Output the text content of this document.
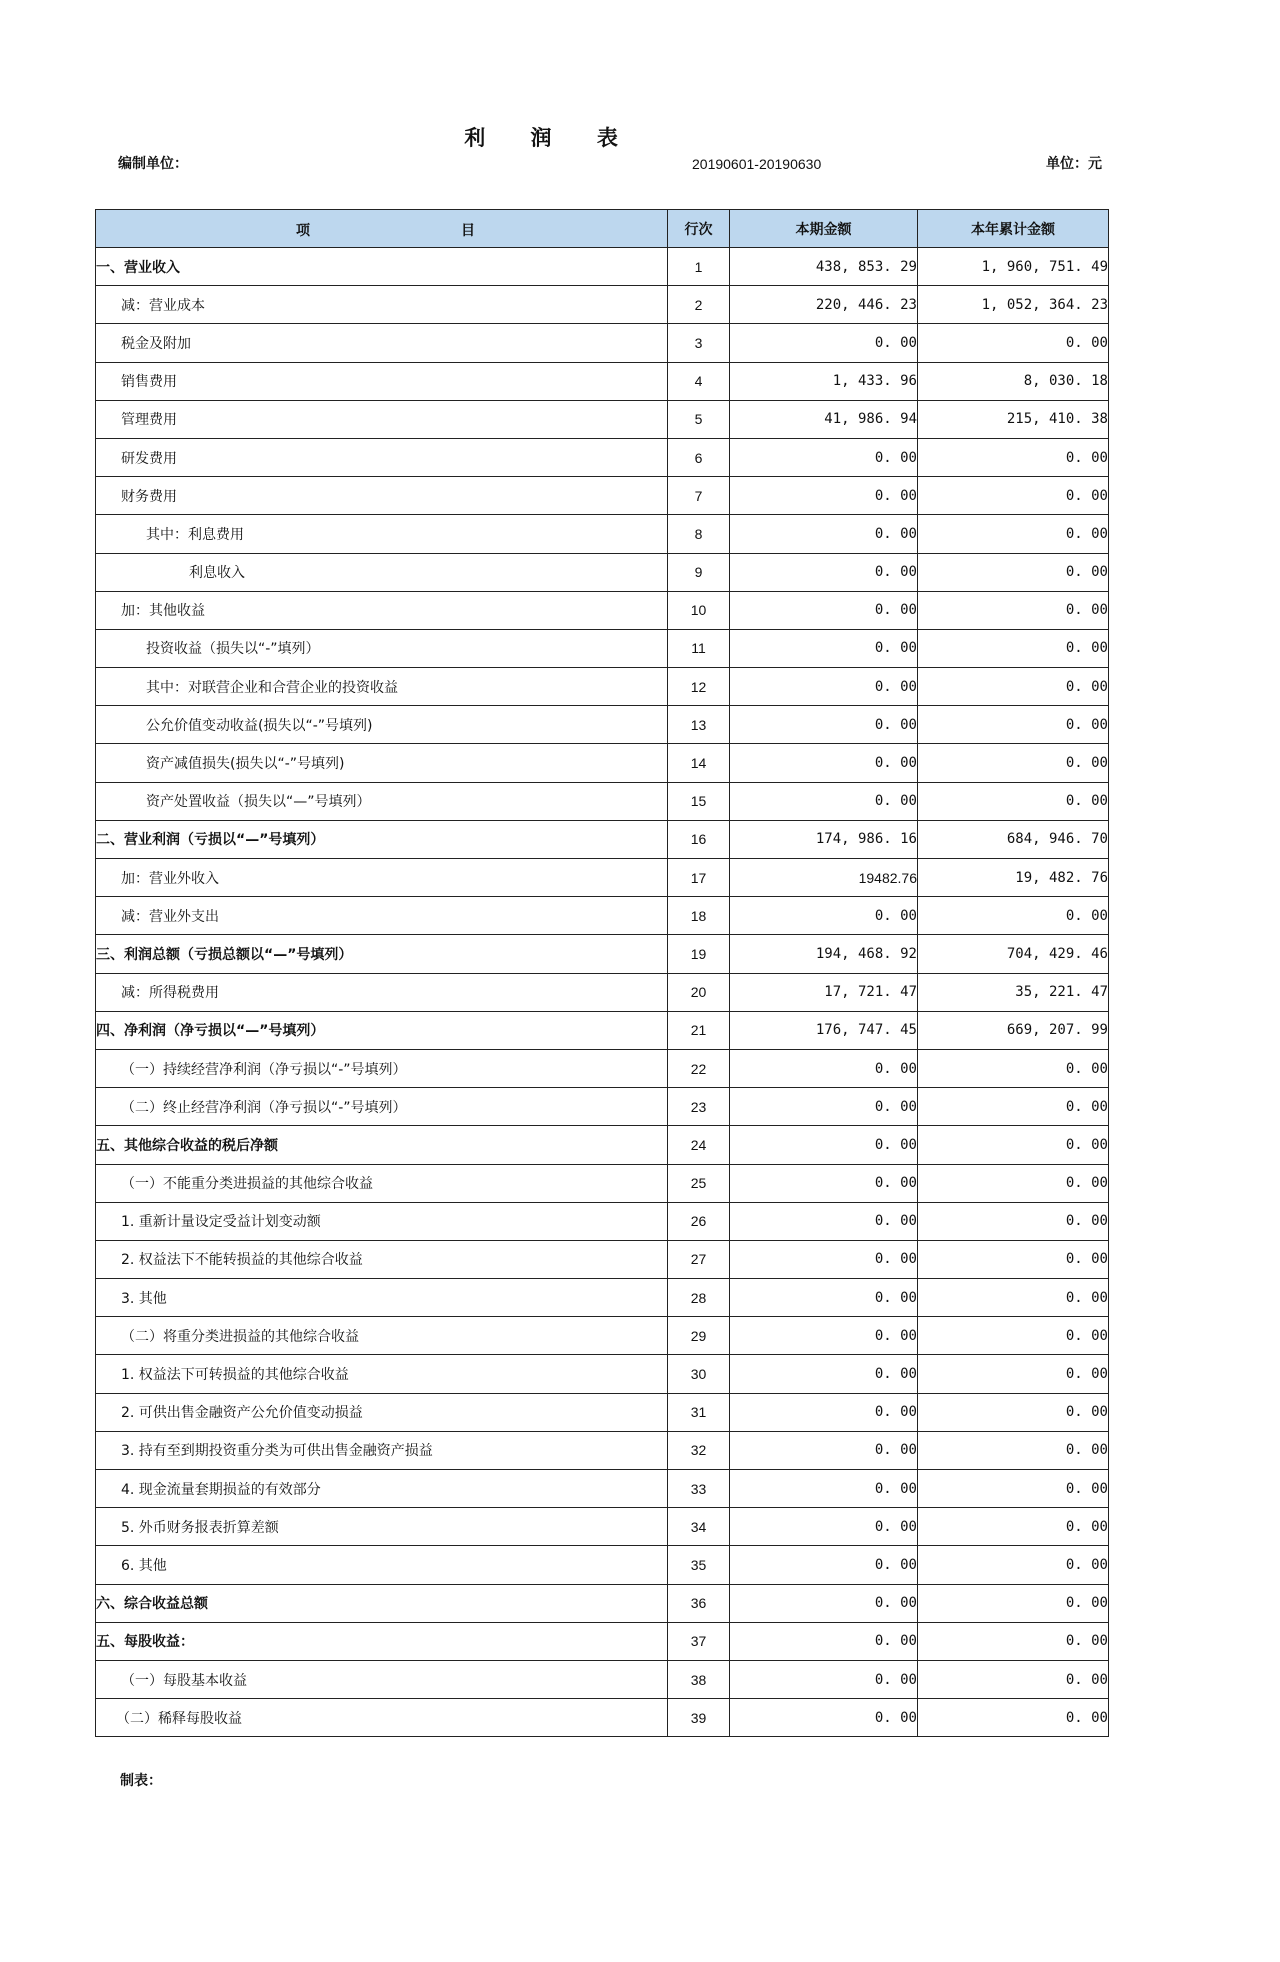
利 润 表
编制单位：	20190601-20190630	单位：元
项 目	行次	本期金额	本年累计金额
一、营业收入	1	438, 853. 29	1, 960, 751. 49
减：营业成本	2	220, 446. 23	1, 052, 364. 23
税金及附加	3	0. 00	0. 00
销售费用	4	1, 433. 96	8, 030. 18
管理费用	5	41, 986. 94	215, 410. 38
研发费用	6	0. 00	0. 00
财务费用	7	0. 00	0. 00
其中：利息费用	8	0. 00	0. 00
利息收入	9	0. 00	0. 00
加：其他收益	10	0. 00	0. 00
投资收益（损失以“-”填列）	11	0. 00	0. 00
其中：对联营企业和合营企业的投资收益	12	0. 00	0. 00
公允价值变动收益(损失以“-”号填列)	13	0. 00	0. 00
资产减值损失(损失以“-”号填列)	14	0. 00	0. 00
资产处置收益（损失以“—”号填列）	15	0. 00	0. 00
二、营业利润（亏损以“—”号填列）	16	174, 986. 16	684, 946. 70
加：营业外收入	17	19482.76	19, 482. 76
减：营业外支出	18	0. 00	0. 00
三、利润总额（亏损总额以“—”号填列）	19	194, 468. 92	704, 429. 46
减：所得税费用	20	17, 721. 47	35, 221. 47
四、净利润（净亏损以“—”号填列）	21	176, 747. 45	669, 207. 99
（一）持续经营净利润（净亏损以“-”号填列）	22	0. 00	0. 00
（二）终止经营净利润（净亏损以“-”号填列）	23	0. 00	0. 00
五、其他综合收益的税后净额	24	0. 00	0. 00
（一）不能重分类进损益的其他综合收益	25	0. 00	0. 00
1. 重新计量设定受益计划变动额	26	0. 00	0. 00
2. 权益法下不能转损益的其他综合收益	27	0. 00	0. 00
3. 其他	28	0. 00	0. 00
（二）将重分类进损益的其他综合收益	29	0. 00	0. 00
1. 权益法下可转损益的其他综合收益	30	0. 00	0. 00
2. 可供出售金融资产公允价值变动损益	31	0. 00	0. 00
3. 持有至到期投资重分类为可供出售金融资产损益	32	0. 00	0. 00
4. 现金流量套期损益的有效部分	33	0. 00	0. 00
5. 外币财务报表折算差额	34	0. 00	0. 00
6. 其他	35	0. 00	0. 00
六、综合收益总额	36	0. 00	0. 00
五、每股收益：	37	0. 00	0. 00
（一）每股基本收益	38	0. 00	0. 00
（二）稀释每股收益	39	0. 00	0. 00
制表：
